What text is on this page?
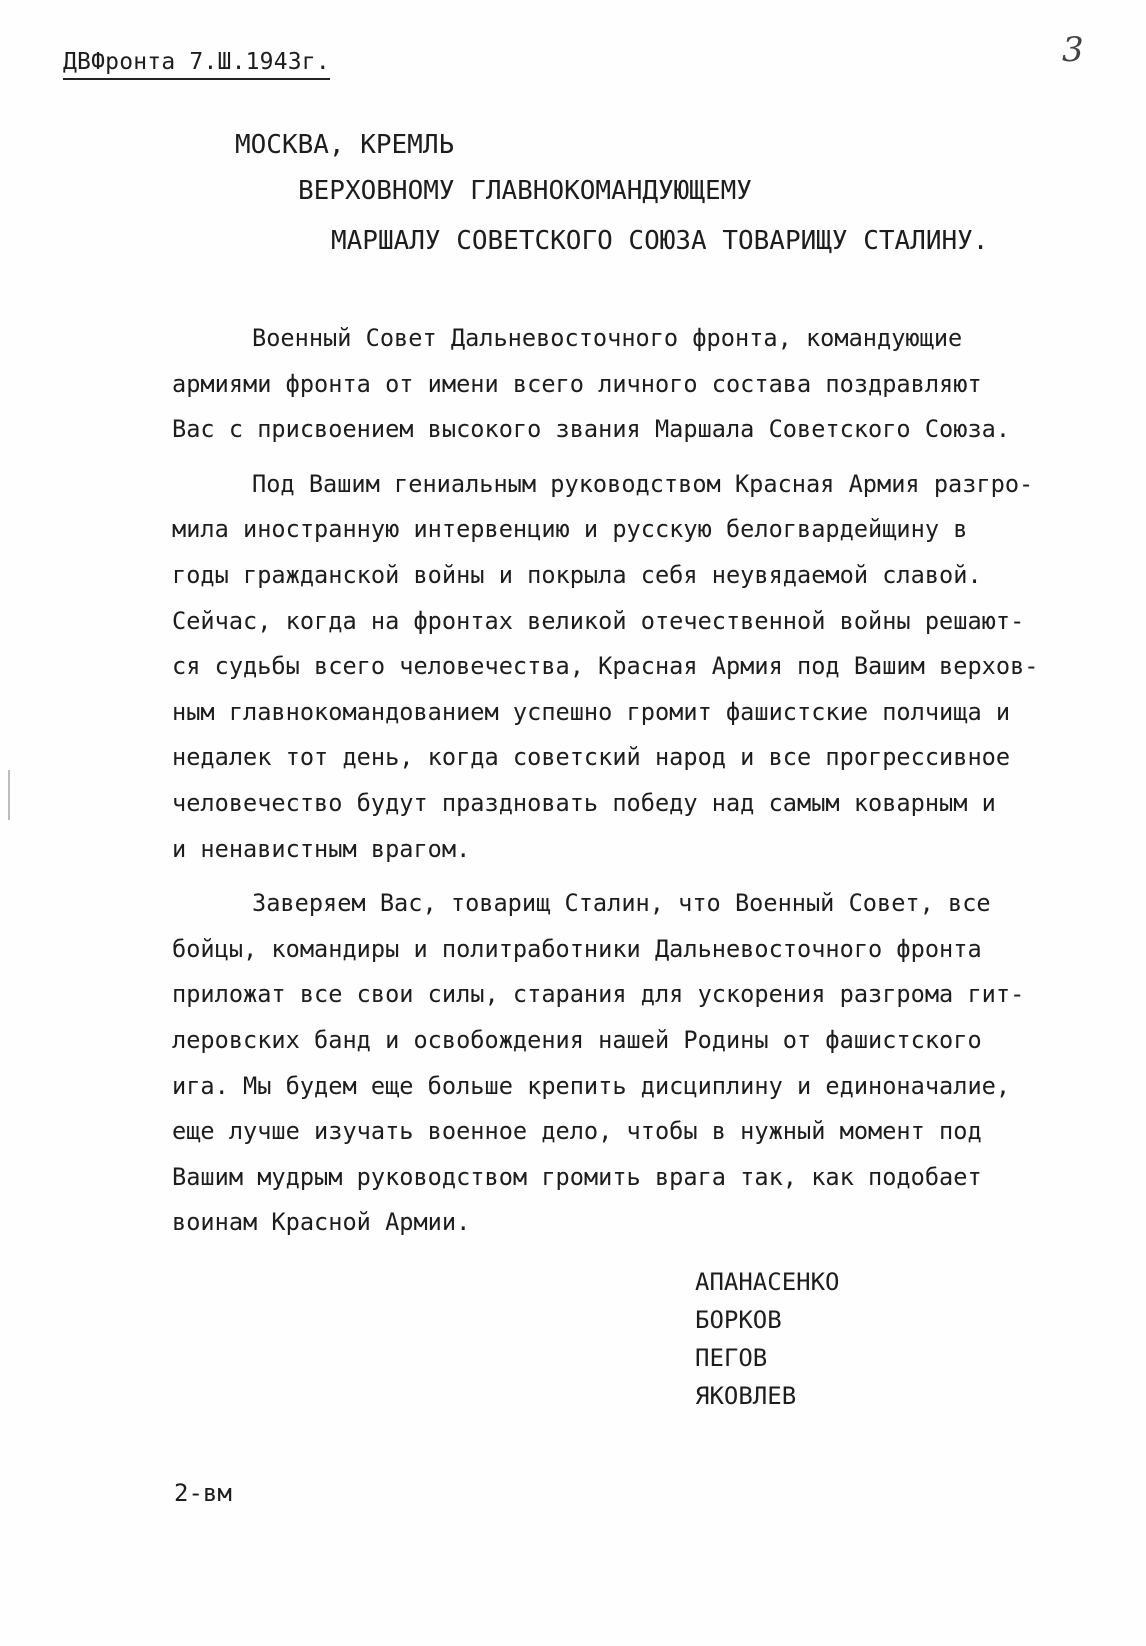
ДВФронта 7.Ш.1943г.	3
МОСКВА, КРЕМЛЬ
ВЕРХОВНОМУ ГЛАВНОКОМАНДУЮЩЕМУ
МАРШАЛУ СОВЕТСКОГО СОЮЗА ТОВАРИЩУ СТАЛИНУ.
Военный Совет Дальневосточного фронта, командующие
армиями фронта от имени всего личного состава поздравляют
Вас с присвоением высокого звания Маршала Советского Союза.
Под Вашим гениальным руководством Красная Армия разгро-
мила иностранную интервенцию и русскую белогвардейщину в
годы гражданской войны и покрыла себя неувядаемой славой.
Сейчас, когда на фронтах великой отечественной войны решают-
ся судьбы всего человечества, Красная Армия под Вашим верхов-
ным главнокомандованием успешно громит фашистские полчища и
недалек тот день, когда советский народ и все прогрессивное
человечество будут праздновать победу над самым коварным и
и ненавистным врагом.
Заверяем Вас, товарищ Сталин, что Военный Совет, все
бойцы, командиры и политработники Дальневосточного фронта
приложат все свои силы, старания для ускорения разгрома гит-
леровских банд и освобождения нашей Родины от фашистского
ига. Мы будем еще больше крепить дисциплину и единоначалие,
еще лучше изучать военное дело, чтобы в нужный момент под
Вашим мудрым руководством громить врага так, как подобает
воинам Красной Армии.
АПАНАСЕНКО
БОРКОВ
ПЕГОВ
ЯКОВЛЕВ
2-вм
